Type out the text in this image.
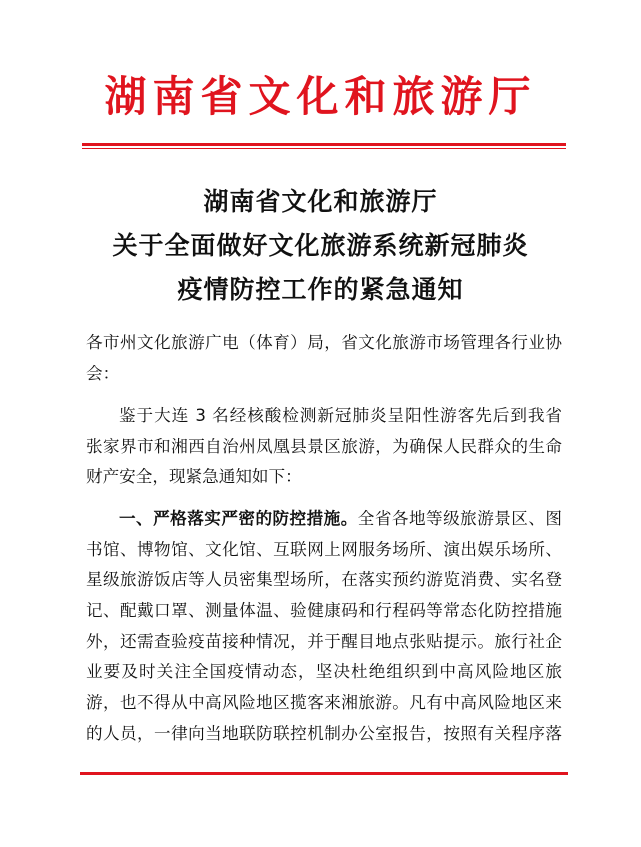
湖南省文化和旅游厅
湖南省文化和旅游厅
关于全面做好文化旅游系统新冠肺炎
疫情防控工作的紧急通知
各市州文化旅游广电（体育）局，省文化旅游市场管理各行业协
会：
鉴于大连 3 名经核酸检测新冠肺炎呈阳性游客先后到我省
张家界市和湘西自治州凤凰县景区旅游，为确保人民群众的生命
财产安全，现紧急通知如下：
一、严格落实严密的防控措施。全省各地等级旅游景区、图
书馆、博物馆、文化馆、互联网上网服务场所、演出娱乐场所、
星级旅游饭店等人员密集型场所，在落实预约游览消费、实名登
记、配戴口罩、测量体温、验健康码和行程码等常态化防控措施
外，还需查验疫苗接种情况，并于醒目地点张贴提示。旅行社企
业要及时关注全国疫情动态，坚决杜绝组织到中高风险地区旅
游，也不得从中高风险地区揽客来湘旅游。凡有中高风险地区来
的人员，一律向当地联防联控机制办公室报告，按照有关程序落
